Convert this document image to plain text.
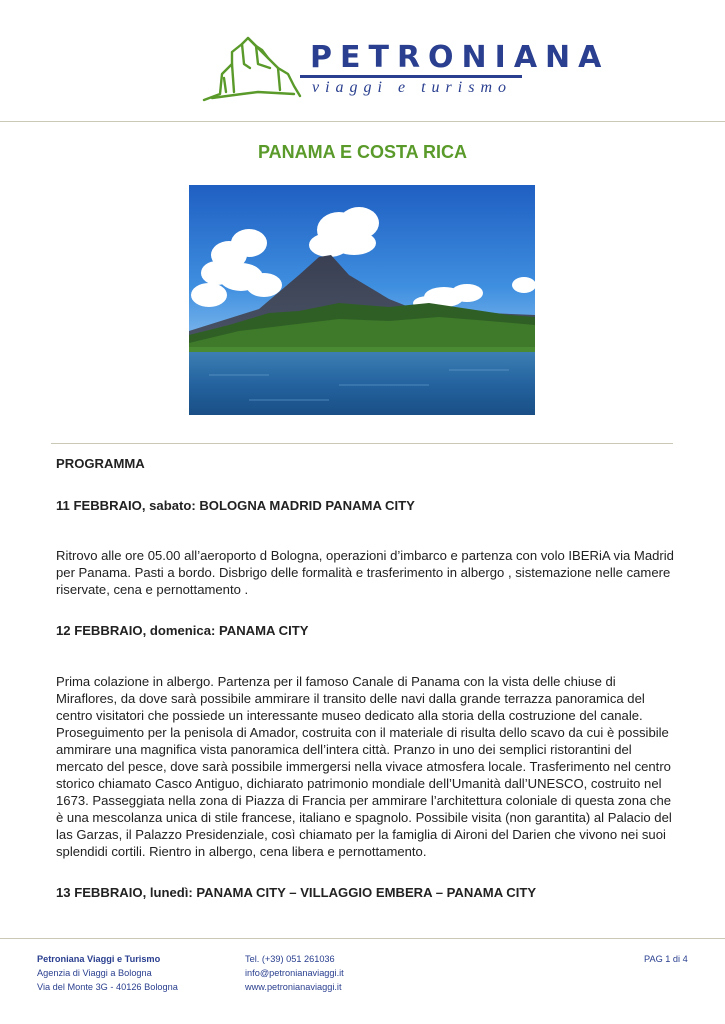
PETRONIANA
viaggi e turismo
PANAMA E COSTA RICA
PROGRAMMA
11 FEBBRAIO, sabato: BOLOGNA MADRID PANAMA CITY

Ritrovo alle ore 05.00 all’aeroporto d Bologna, operazioni d’imbarco e partenza con volo IBERiA via Madrid per Panama. Pasti a bordo. Disbrigo delle formalità e trasferimento in albergo , sistemazione nelle camere riservate, cena e pernottamento .

12 FEBBRAIO, domenica: PANAMA CITY

Prima colazione in albergo. Partenza per il famoso Canale di Panama con la vista delle chiuse di Miraflores, da dove sarà possibile ammirare il transito delle navi dalla grande terrazza panoramica del centro visitatori che possiede un interessante museo dedicato alla storia della costruzione del canale. Proseguimento per la penisola di Amador, costruita con il materiale di risulta dello scavo da cui è possibile ammirare una magnifica vista panoramica dell’intera città. Pranzo in uno dei semplici ristorantini del mercato del pesce, dove sarà possibile immergersi nella vivace atmosfera locale. Trasferimento nel centro storico chiamato Casco Antiguo, dichiarato patrimonio mondiale dell’Umanità dall’UNESCO, costruito nel 1673. Passeggiata nella zona di Piazza di Francia per ammirare l’architettura coloniale di questa zona che è una mescolanza unica di stile francese, italiano e spagnolo. Possibile visita (non garantita) al Palacio del las Garzas, il Palazzo Presidenziale, così chiamato per la famiglia di Aironi del Darien che vivono nei suoi splendidi cortili. Rientro in albergo, cena libera e pernottamento.

13 FEBBRAIO, lunedì: PANAMA CITY – VILLAGGIO EMBERA – PANAMA CITY
Petroniana Viaggi e Turismo
Agenzia di Viaggi a Bologna
Via del Monte 3G - 40126 Bologna
Tel. (+39) 051 261036
info@petronianaviaggi.it
www.petronianaviaggi.it
PAG 1 di 4
